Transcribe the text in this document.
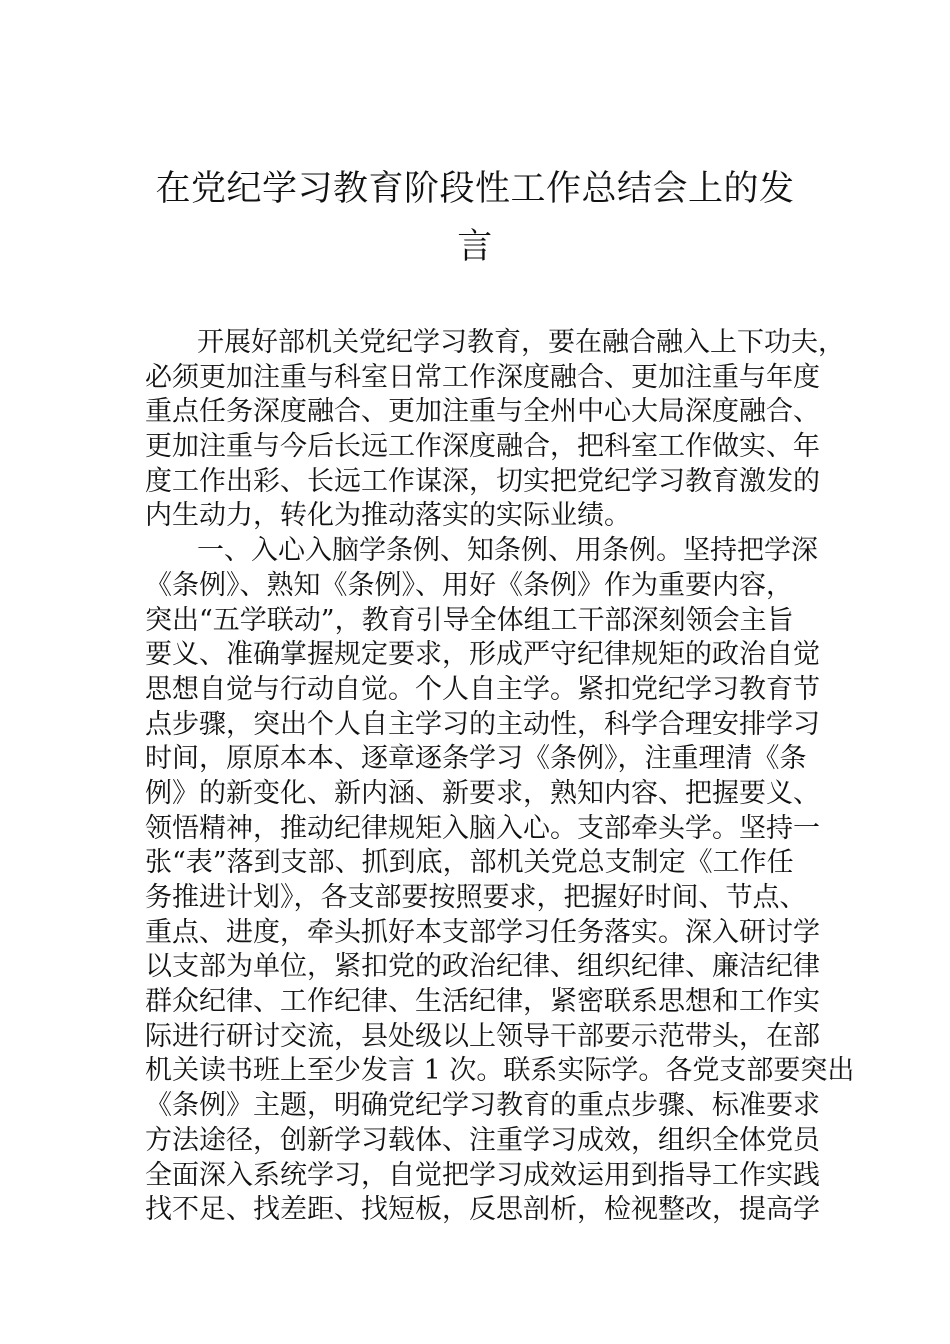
在党纪学习教育阶段性工作总结会上的发
言
开展好部机关党纪学习教育，要在融合融入上下功夫，
必须更加注重与科室日常工作深度融合、更加注重与年度
重点任务深度融合、更加注重与全州中心大局深度融合、
更加注重与今后长远工作深度融合，把科室工作做实、年
度工作出彩、长远工作谋深，切实把党纪学习教育激发的
内生动力，转化为推动落实的实际业绩。
一、入心入脑学条例、知条例、用条例。坚持把学深
《条例》、熟知《条例》、用好《条例》作为重要内容，
突出“五学联动”，教育引导全体组工干部深刻领会主旨
要义、准确掌握规定要求，形成严守纪律规矩的政治自觉
思想自觉与行动自觉。个人自主学。紧扣党纪学习教育节
点步骤，突出个人自主学习的主动性，科学合理安排学习
时间，原原本本、逐章逐条学习《条例》，注重理清《条
例》的新变化、新内涵、新要求，熟知内容、把握要义、
领悟精神，推动纪律规矩入脑入心。支部牵头学。坚持一
张“表”落到支部、抓到底，部机关党总支制定《工作任
务推进计划》，各支部要按照要求，把握好时间、节点、
重点、进度，牵头抓好本支部学习任务落实。深入研讨学
以支部为单位，紧扣党的政治纪律、组织纪律、廉洁纪律
群众纪律、工作纪律、生活纪律，紧密联系思想和工作实
际进行研讨交流，县处级以上领导干部要示范带头，在部
机关读书班上至少发言 1 次。联系实际学。各党支部要突出
《条例》主题，明确党纪学习教育的重点步骤、标准要求
方法途径，创新学习载体、注重学习成效，组织全体党员
全面深入系统学习，自觉把学习成效运用到指导工作实践
找不足、找差距、找短板，反思剖析，检视整改，提高学
